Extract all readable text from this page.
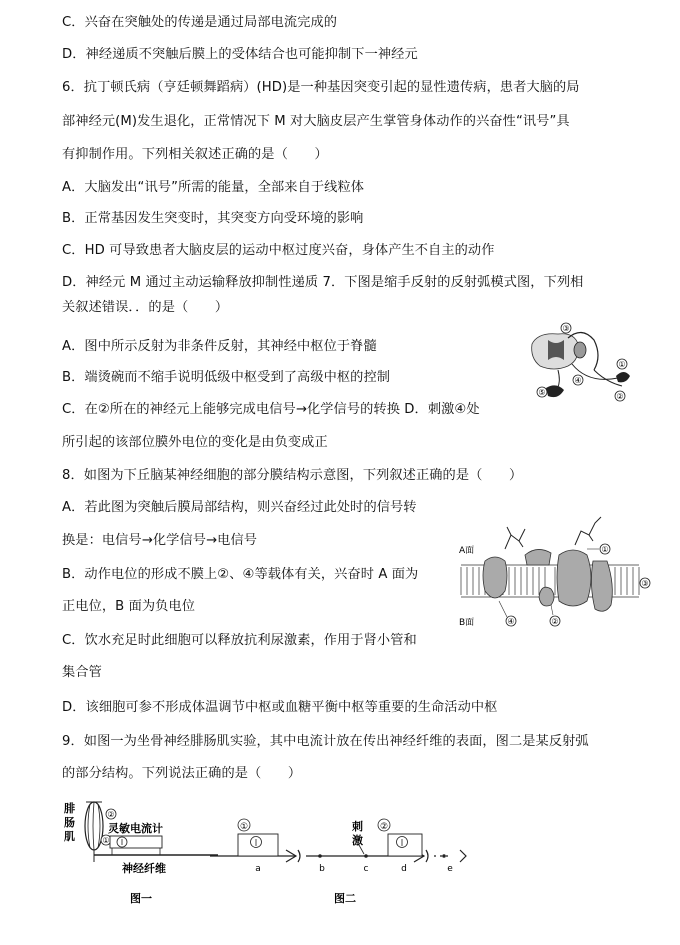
C．兴奋在突触处的传递是通过局部电流完成的
D．神经递质不突触后膜上的受体结合也可能抑制下一神经元
6．抗丁顿氏病（亨廷顿舞蹈病）(HD)是一种基因突变引起的显性遗传病，患者大脑的局
部神经元(M)发生退化，正常情况下 M 对大脑皮层产生掌管身体动作的兴奋性“讯号”具
有抑制作用。下列相关叙述正确的是（　　）
A．大脑发出“讯号”所需的能量，全部来自于线粒体
B．正常基因发生突变时，其突变方向受环境的影响
C．HD 可导致患者大脑皮层的运动中枢过度兴奋，身体产生不自主的动作
D．神经元 M 通过主动运输释放抑制性递质 7．下图是缩手反射的反射弧模式图，下列相
关叙述错误．．的是（　　）
A．图中所示反射为非条件反射，其神经中枢位于脊髓
B．端烫碗而不缩手说明低级中枢受到了高级中枢的控制
C．在②所在的神经元上能够完成电信号→化学信号的转换 D．刺激④处
所引起的该部位膜外电位的变化是由负变成正
8．如图为下丘脑某神经细胞的部分膜结构示意图，下列叙述正确的是（　　）
A．若此图为突触后膜局部结构，则兴奋经过此处时的信号转
换是：电信号→化学信号→电信号
B．动作电位的形成不膜上②、④等载体有关，兴奋时 A 面为
正电位，B 面为负电位
C．饮水充足时此细胞可以释放抗利尿激素，作用于肾小管和
集合管
D．该细胞可参不形成体温调节中枢或血糖平衡中枢等重要的生命活动中枢
9．如图一为坐骨神经腓肠肌实验，其中电流计放在传出神经纤维的表面，图二是某反射弧
的部分结构。下列说法正确的是（　　）
③
①
④
⑤	②
A面
B面
①
②
③
④
腓肠肌
腓肠肌
②
①
灵敏电流计
神经纤维
图一
①	②
刺激
刺激
a	b	c	d	e
图二
